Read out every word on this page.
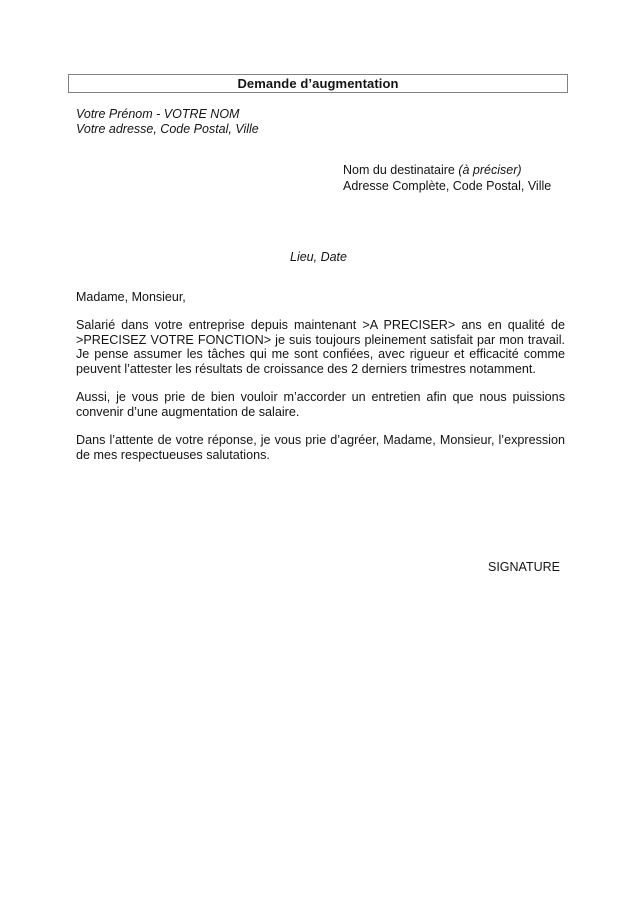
Demande d’augmentation
Votre Prénom - VOTRE NOM
Votre adresse, Code Postal, Ville
Nom du destinataire (à préciser)
Adresse Complète, Code Postal, Ville
Lieu, Date
Madame, Monsieur,
Salarié dans votre entreprise depuis maintenant >A PRECISER> ans en qualité de >PRECISEZ VOTRE FONCTION> je suis toujours pleinement satisfait par mon travail. Je pense assumer les tâches qui me sont confiées, avec rigueur et efficacité comme peuvent l’attester les résultats de croissance des 2 derniers trimestres notamment.
Aussi, je vous prie de bien vouloir m’accorder un entretien afin que nous puissions convenir d’une augmentation de salaire.
Dans l’attente de votre réponse, je vous prie d’agréer, Madame, Monsieur, l’expression de mes respectueuses salutations.
SIGNATURE
